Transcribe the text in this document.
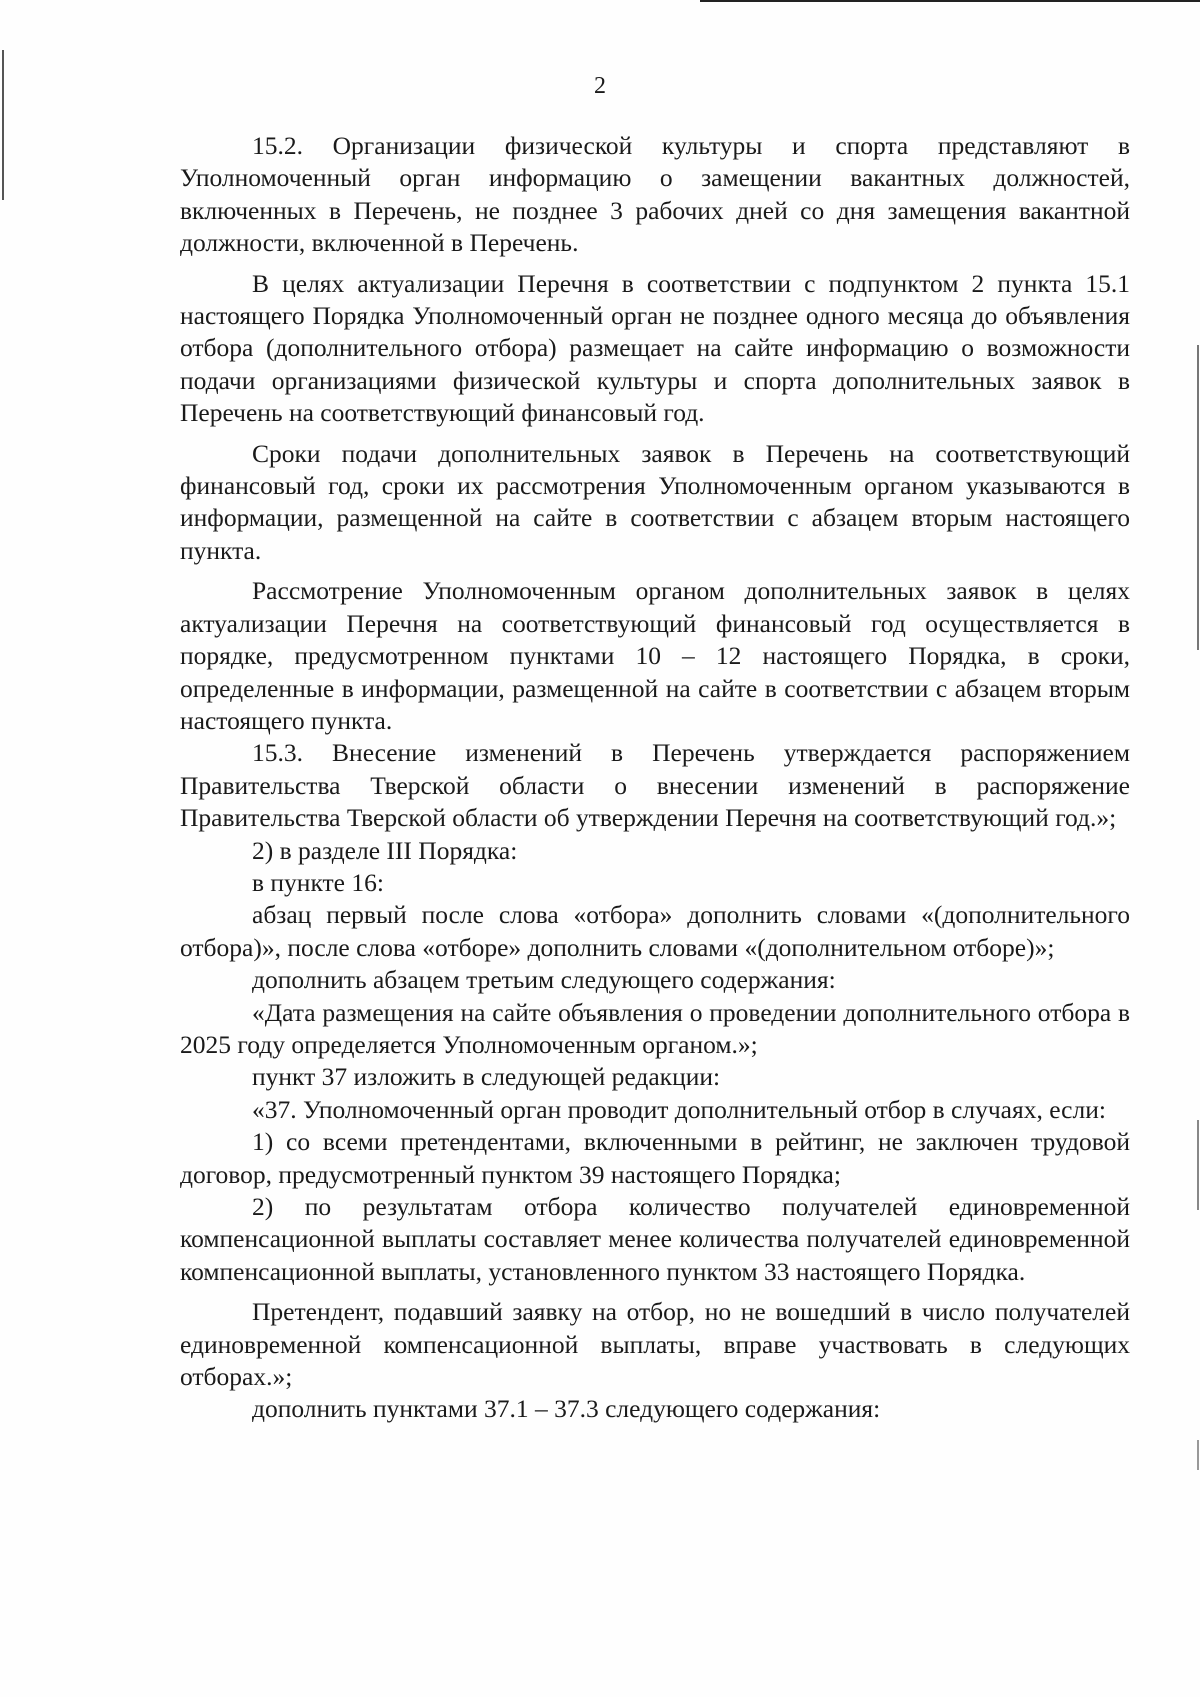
2

15.2. Организации физической культуры и спорта представляют в Уполномоченный орган информацию о замещении вакантных должностей, включенных в Перечень, не позднее 3 рабочих дней со дня замещения вакантной должности, включенной в Перечень.

В целях актуализации Перечня в соответствии с подпунктом 2 пункта 15.1 настоящего Порядка Уполномоченный орган не позднее одного месяца до объявления отбора (дополнительного отбора) размещает на сайте информацию о возможности подачи организациями физической культуры и спорта дополнительных заявок в Перечень на соответствующий финансовый год.

Сроки подачи дополнительных заявок в Перечень на соответствующий финансовый год, сроки их рассмотрения Уполномоченным органом указываются в информации, размещенной на сайте в соответствии с абзацем вторым настоящего пункта.

Рассмотрение Уполномоченным органом дополнительных заявок в целях актуализации Перечня на соответствующий финансовый год осуществляется в порядке, предусмотренном пунктами 10 – 12 настоящего Порядка, в сроки, определенные в информации, размещенной на сайте в соответствии с абзацем вторым настоящего пункта.

15.3. Внесение изменений в Перечень утверждается распоряжением Правительства Тверской области о внесении изменений в распоряжение Правительства Тверской области об утверждении Перечня на соответствующий год.»;

2) в разделе III Порядка:

в пункте 16:

абзац первый после слова «отбора» дополнить словами «(дополнительного отбора)», после слова «отборе» дополнить словами «(дополнительном отборе)»;

дополнить абзацем третьим следующего содержания:

«Дата размещения на сайте объявления о проведении дополнительного отбора в 2025 году определяется Уполномоченным органом.»;

пункт 37 изложить в следующей редакции:

«37. Уполномоченный орган проводит дополнительный отбор в случаях, если:

1) со всеми претендентами, включенными в рейтинг, не заключен трудовой договор, предусмотренный пунктом 39 настоящего Порядка;

2) по результатам отбора количество получателей единовременной компенсационной выплаты составляет менее количества получателей единовременной компенсационной выплаты, установленного пунктом 33 настоящего Порядка.

Претендент, подавший заявку на отбор, но не вошедший в число получателей единовременной компенсационной выплаты, вправе участвовать в следующих отборах.»;

дополнить пунктами 37.1 – 37.3 следующего содержания:
